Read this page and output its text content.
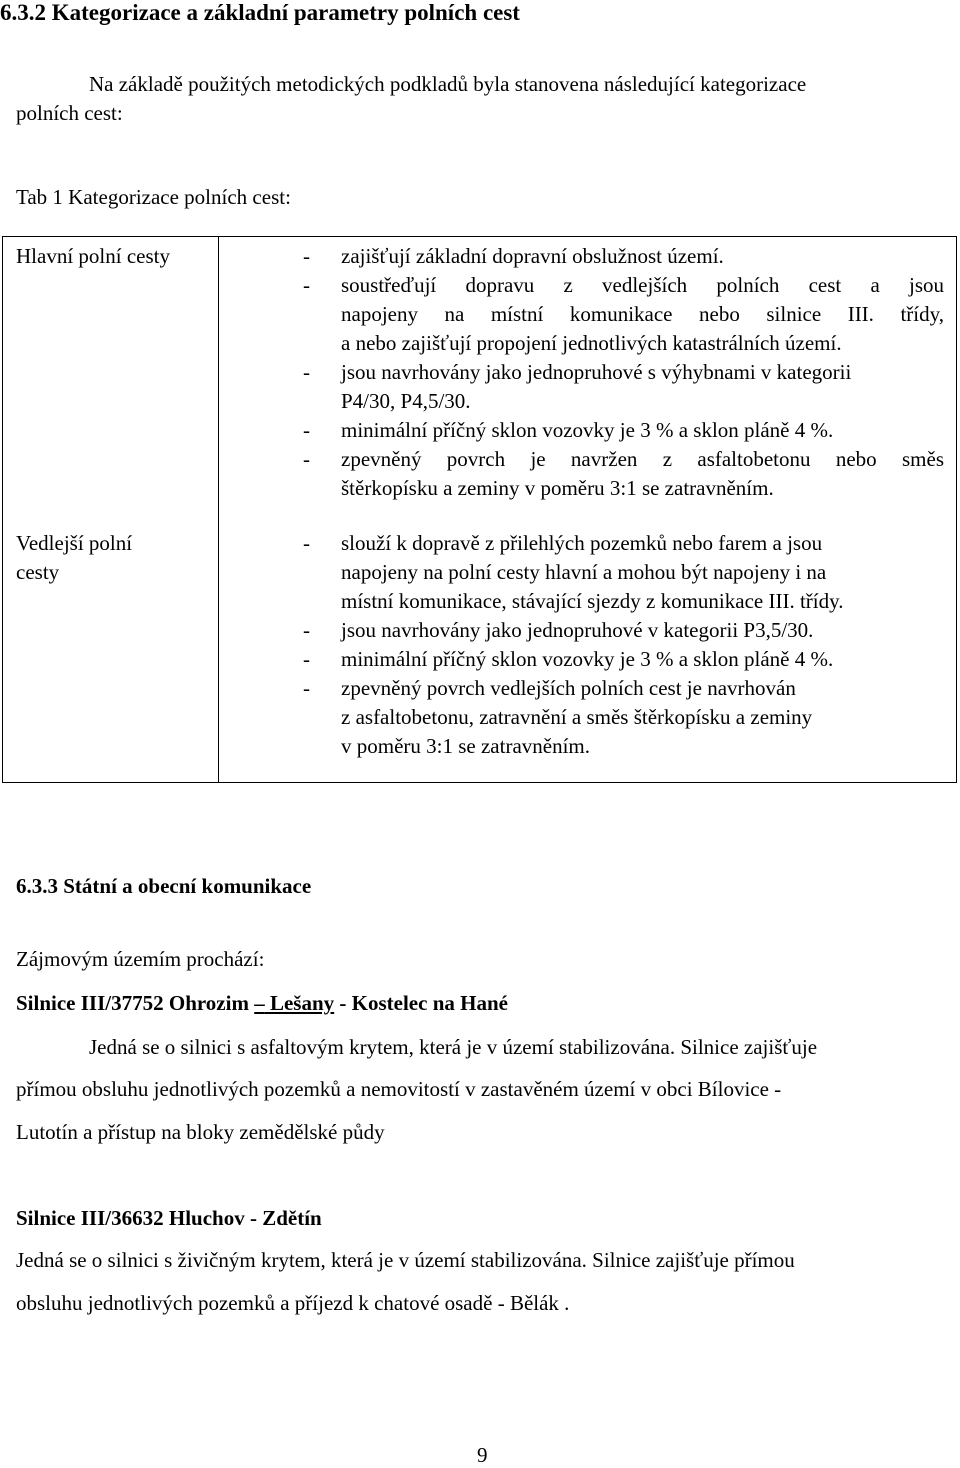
6.3.2 Kategorizace a základní parametry polních cest
Na základě použitých metodických podkladů byla stanovena následující kategorizace
polních cest:
Tab 1 Kategorizace polních cest:
Hlavní polní cesty	- zajišťují základní dopravní obslužnost území.
- soustřeďují dopravu z vedlejších polních cest a jsou
napojeny na místní komunikace nebo silnice III. třídy,
a nebo zajišťují propojení jednotlivých katastrálních území.
- jsou navrhovány jako jednopruhové s výhybnami v kategorii
P4/30, P4,5/30.
- minimální příčný sklon vozovky je 3 % a sklon pláně 4 %.
- zpevněný povrch je navržen z asfaltobetonu nebo směs
štěrkopísku a zeminy v poměru 3:1 se zatravněním.
Vedlejší polní
cesty
- slouží k dopravě z přilehlých pozemků nebo farem a jsou
napojeny na polní cesty hlavní a mohou být napojeny i na
místní komunikace, stávající sjezdy z komunikace III. třídy.
- jsou navrhovány jako jednopruhové v kategorii P3,5/30.
- minimální příčný sklon vozovky je 3 % a sklon pláně 4 %.
- zpevněný povrch vedlejších polních cest je navrhován
z asfaltobetonu, zatravnění a směs štěrkopísku a zeminy
v poměru 3:1 se zatravněním.
6.3.3 Státní a obecní komunikace
Zájmovým územím prochází:
Silnice III/37752 Ohrozim – Lešany - Kostelec na Hané
Jedná se o silnici s asfaltovým krytem, která je v území stabilizována. Silnice zajišťuje
přímou obsluhu jednotlivých pozemků a nemovitostí v zastavěném území v obci Bílovice -
Lutotín a přístup na bloky zemědělské půdy
Silnice III/36632 Hluchov - Zdětín
Jedná se o silnici s živičným krytem, která je v území stabilizována. Silnice zajišťuje přímou
obsluhu jednotlivých pozemků a příjezd k chatové osadě - Bělák .
9
